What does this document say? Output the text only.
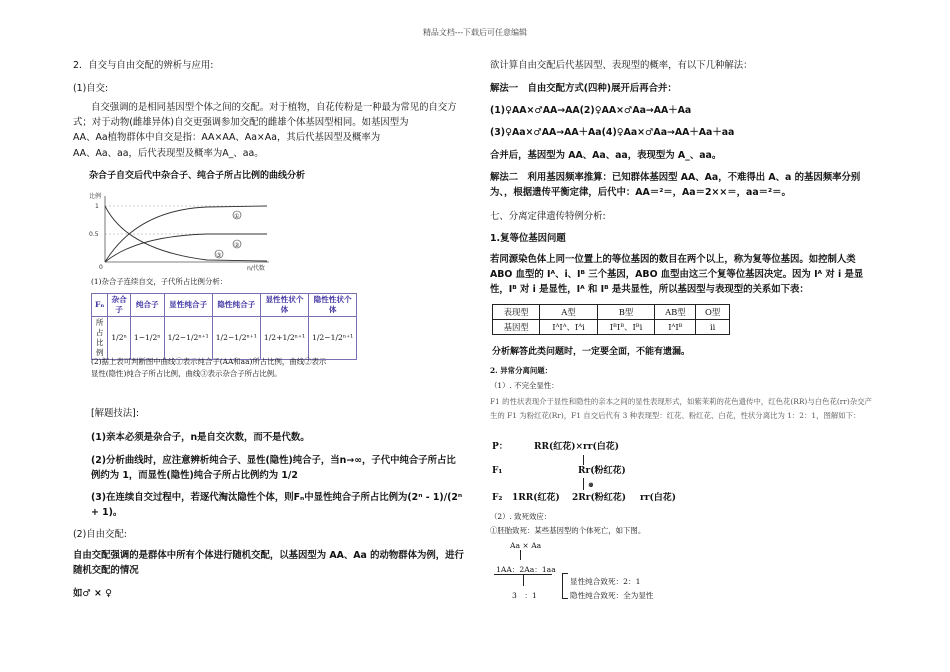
精品文档---下载后可任意编辑
2．自交与自由交配的辨析与应用:
(1)自交:
自交强调的是相同基因型个体之间的交配。对于植物，自花传粉是一种最为常见的自交方式；对于动物(雌雄异体)自交更强调参加交配的雌雄个体基因型相同。如基因型为
AA、Aa植物群体中自交是指：AA×AA、Aa×Aa，其后代基因型及概率为
AA、Aa、aa，后代表现型及概率为A_、aa。
杂合子自交后代中杂合子、纯合子所占比例的曲线分析
比例
1
0.5
0	n/代数
①
②
③
(1)杂合子连续自交，子代所占比例分析：
Fₙ	杂合子	纯合子	显性纯合子	隐性纯合子	显性性状个体	隐性性状个体
所占比例	1/2ⁿ	1−1/2ⁿ	1/2−1/2ⁿ⁺¹	1/2−1/2ⁿ⁺¹	1/2+1/2ⁿ⁺¹	1/2−1/2ⁿ⁺¹
(2)据上表可判断图中曲线①表示纯合子(AA和aa)所占比例，曲线②表示显性(隐性)纯合子所占比例，曲线③表示杂合子所占比例。
[解题技法]:
(1)亲本必须是杂合子，n是自交次数，而不是代数。
(2)分析曲线时，应注意辨析纯合子、显性(隐性)纯合子，当n→∞，子代中纯合子所占比例约为 1，而显性(隐性)纯合子所占比例约为 1/2
(3)在连续自交过程中，若逐代淘汰隐性个体，则Fₙ中显性纯合子所占比例为(2ⁿ - 1)/(2ⁿ + 1)。
(2)自由交配:
自由交配强调的是群体中所有个体进行随机交配，以基因型为 AA、Aa 的动物群体为例，进行随机交配的情况
如♂ × ♀
欲计算自由交配后代基因型、表现型的概率，有以下几种解法：
解法一　自由交配方式(四种)展开后再合并：
(1)♀AA×♂AA→AA(2)♀AA×♂Aa→AA＋Aa
(3)♀Aa×♂AA→AA＋Aa(4)♀Aa×♂Aa→AA＋Aa＋aa
合并后，基因型为 AA、Aa、aa，表现型为 A_、aa。
解法二　利用基因频率推算：已知群体基因型 AA、Aa，不难得出 A、a 的基因频率分别为、，根据遗传平衡定律，后代中：AA＝²＝，Aa＝2××＝，aa＝²＝。
七、分离定律遗传特例分析:
1.复等位基因问题
若同源染色体上同一位置上的等位基因的数目在两个以上，称为复等位基因。如控制人类ABO 血型的 Iᴬ、i、Iᴮ 三个基因，ABO 血型由这三个复等位基因决定。因为 Iᴬ 对 i 是显性，Iᴮ 对 i 是显性，Iᴬ 和 Iᴮ 是共显性，所以基因型与表现型的关系如下表：
表现型	A型	B型	AB型	O型
基因型	IᴬIᴬ、Iᴬi	IᴮIᴮ、Iᴮi	IᴬIᴮ	ii
分析解答此类问题时，一定要全面，不能有遗漏。
2. 异常分离问题：
（1）. 不完全显性：
F1 的性状表现介于显性和隐性的亲本之间的显性表现形式，如紫茉莉的花色遗传中，红色花(RR)与白色花(rr)杂交产生的 F1 为粉红花(Rr)，F1 自交后代有 3 种表现型：红花、粉红花、白花，性状分离比为 1：2：1，图解如下：
P：	RR(红花)×rr(白花)
F₁	Rr(粉红花)
⊗
F₂ 1RR(红花) 2Rr(粉红花) rr(白花)
（2）. 致死效应：
①胚胎致死：某些基因型的个体死亡，如下图。
Aa × Aa
1AA：2Aa：1aa
3　：1
显性纯合致死：2：1
隐性纯合致死：全为显性
